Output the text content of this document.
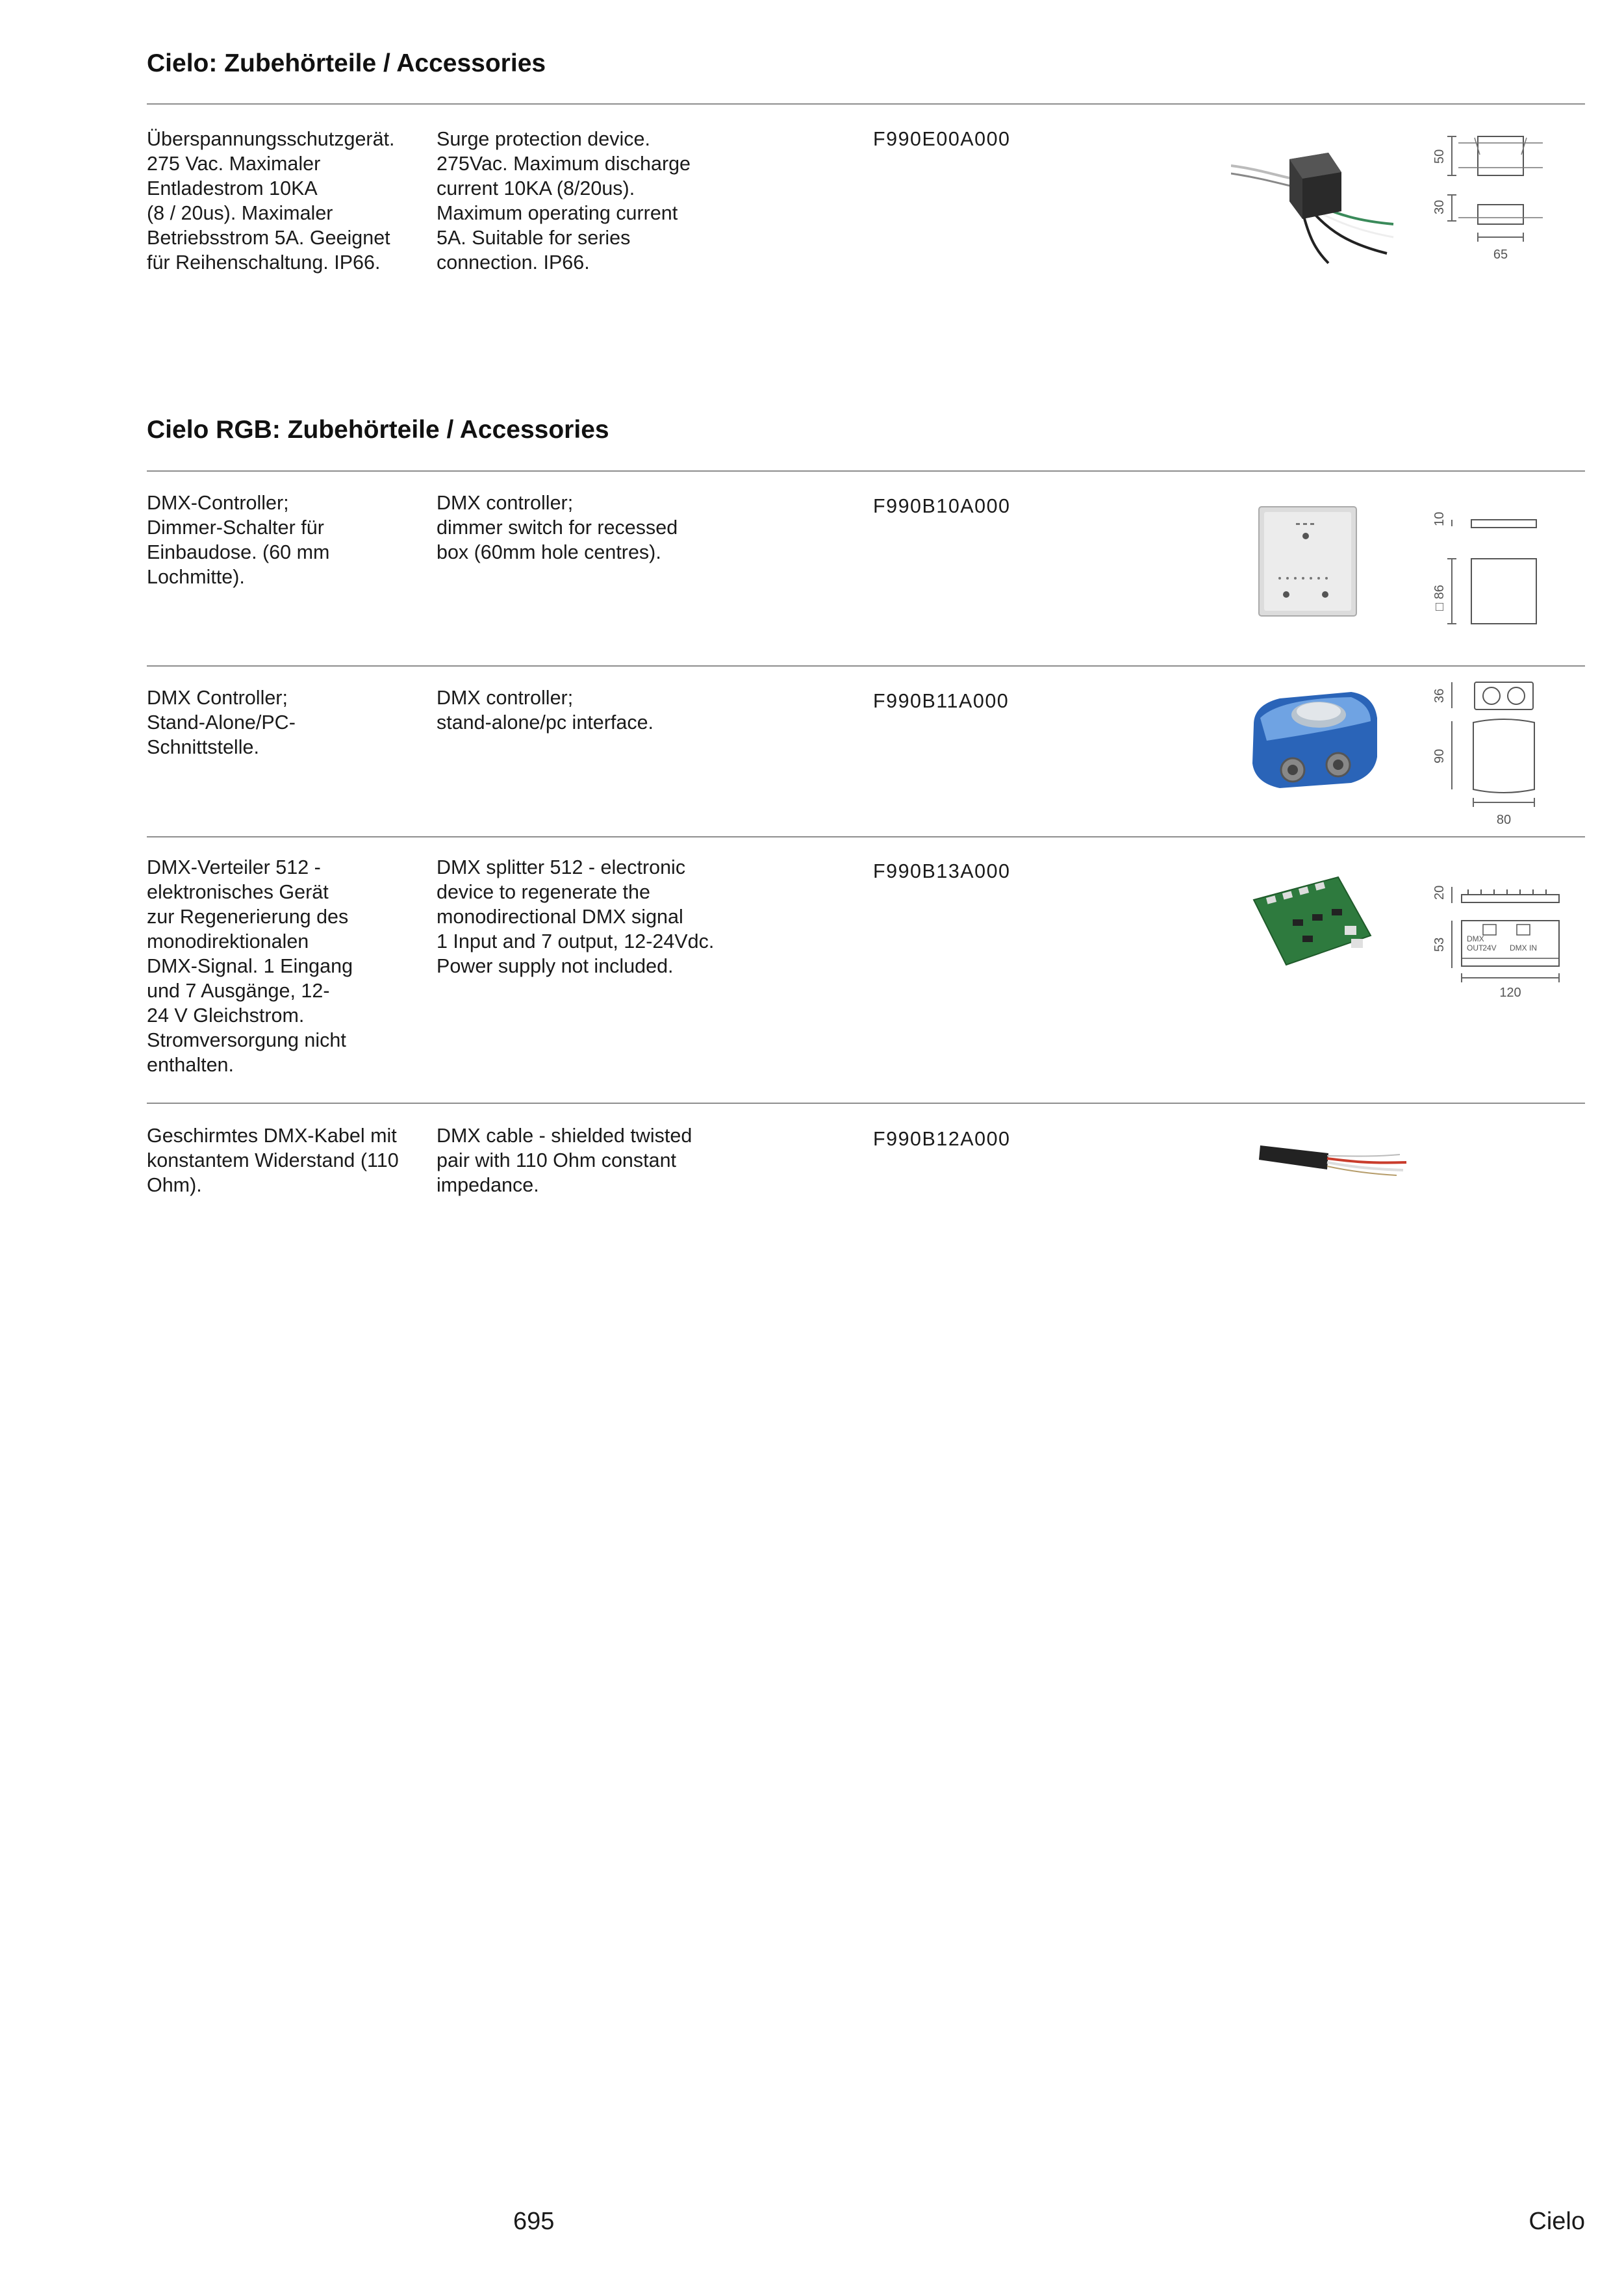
Cielo: Zubehörteile / Accessories
Überspannungsschutzgerät.
275 Vac. Maximaler
Entladestrom 10KA
(8 / 20us). Maximaler
Betriebsstrom 5A. Geeignet
für Reihenschaltung. IP66.
Surge protection device.
275Vac. Maximum discharge
current 10KA (8/20us).
Maximum operating current
5A. Suitable for series
connection. IP66.
F990E00A000
50
30
65
Cielo RGB: Zubehörteile / Accessories
DMX-Controller;
Dimmer-Schalter für
Einbaudose. (60 mm
Lochmitte).
DMX controller;
dimmer switch for recessed
box (60mm hole centres).
F990B10A000
10
□ 86
DMX Controller;
Stand-Alone/PC-
Schnittstelle.
DMX controller;
stand-alone/pc interface.
F990B11A000	36
90
80
DMX-Verteiler 512 -
elektronisches Gerät
zur Regenerierung des
monodirektionalen
DMX-Signal. 1 Eingang
und 7 Ausgänge, 12-
24 V Gleichstrom.
Stromversorgung nicht
enthalten.
DMX splitter 512 - electronic
device to regenerate the
monodirectional DMX signal
1 Input and 7 output, 12-24Vdc.
Power supply not included.
F990B13A000
20
53	DMX
OUT
24V DMX IN
120
Geschirmtes DMX-Kabel mit
konstantem Widerstand (110
Ohm).
DMX cable - shielded twisted
pair with 110 Ohm constant
impedance.
F990B12A000
695	Cielo
